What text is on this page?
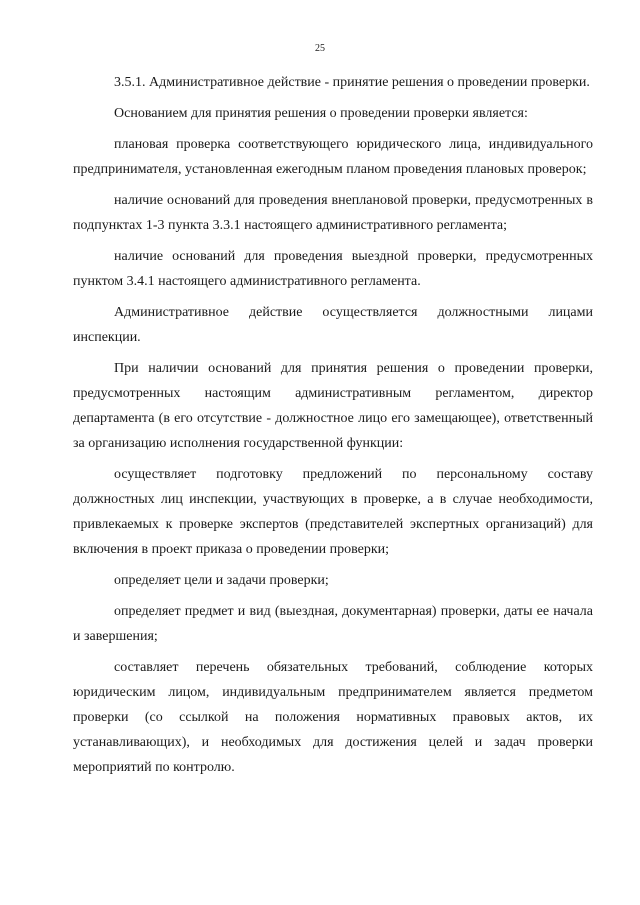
25

3.5.1. Административное действие - принятие решения о проведении проверки.

Основанием для принятия решения о проведении проверки является:

плановая проверка соответствующего юридического лица, индивидуального предпринимателя, установленная ежегодным планом проведения плановых проверок;

наличие оснований для проведения внеплановой проверки, предусмотренных в подпунктах 1-3 пункта 3.3.1 настоящего административного регламента;

наличие оснований для проведения выездной проверки, предусмотренных пунктом 3.4.1 настоящего административного регламента.

Административное действие осуществляется должностными лицами инспекции.

При наличии оснований для принятия решения о проведении проверки, предусмотренных настоящим административным регламентом, директор департамента (в его отсутствие - должностное лицо его замещающее), ответственный за организацию исполнения государственной функции:

осуществляет подготовку предложений по персональному составу должностных лиц инспекции, участвующих в проверке, а в случае необходимости, привлекаемых к проверке экспертов (представителей экспертных организаций) для включения в проект приказа о проведении проверки;

определяет цели и задачи проверки;

определяет предмет и вид (выездная, документарная) проверки, даты ее начала и завершения;

составляет перечень обязательных требований, соблюдение которых юридическим лицом, индивидуальным предпринимателем является предметом проверки (со ссылкой на положения нормативных правовых актов, их устанавливающих), и необходимых для достижения целей и задач проверки мероприятий по контролю.
